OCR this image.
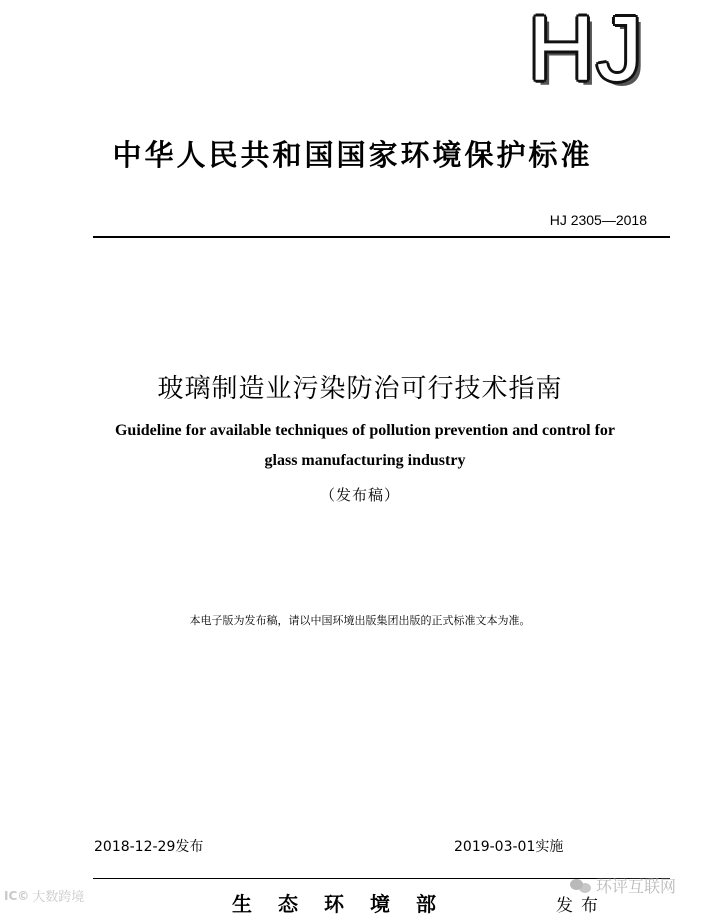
HJ
中华人民共和国国家环境保护标准
HJ 2305—2018
玻璃制造业污染防治可行技术指南
Guideline for available techniques of pollution prevention and control for
glass manufacturing industry
（发布稿）
本电子版为发布稿，请以中国环境出版集团出版的正式标准文本为准。
2018-12-29发布	2019-03-01实施
生态环境部	发布
IC© 大数跨境
环评互联网
